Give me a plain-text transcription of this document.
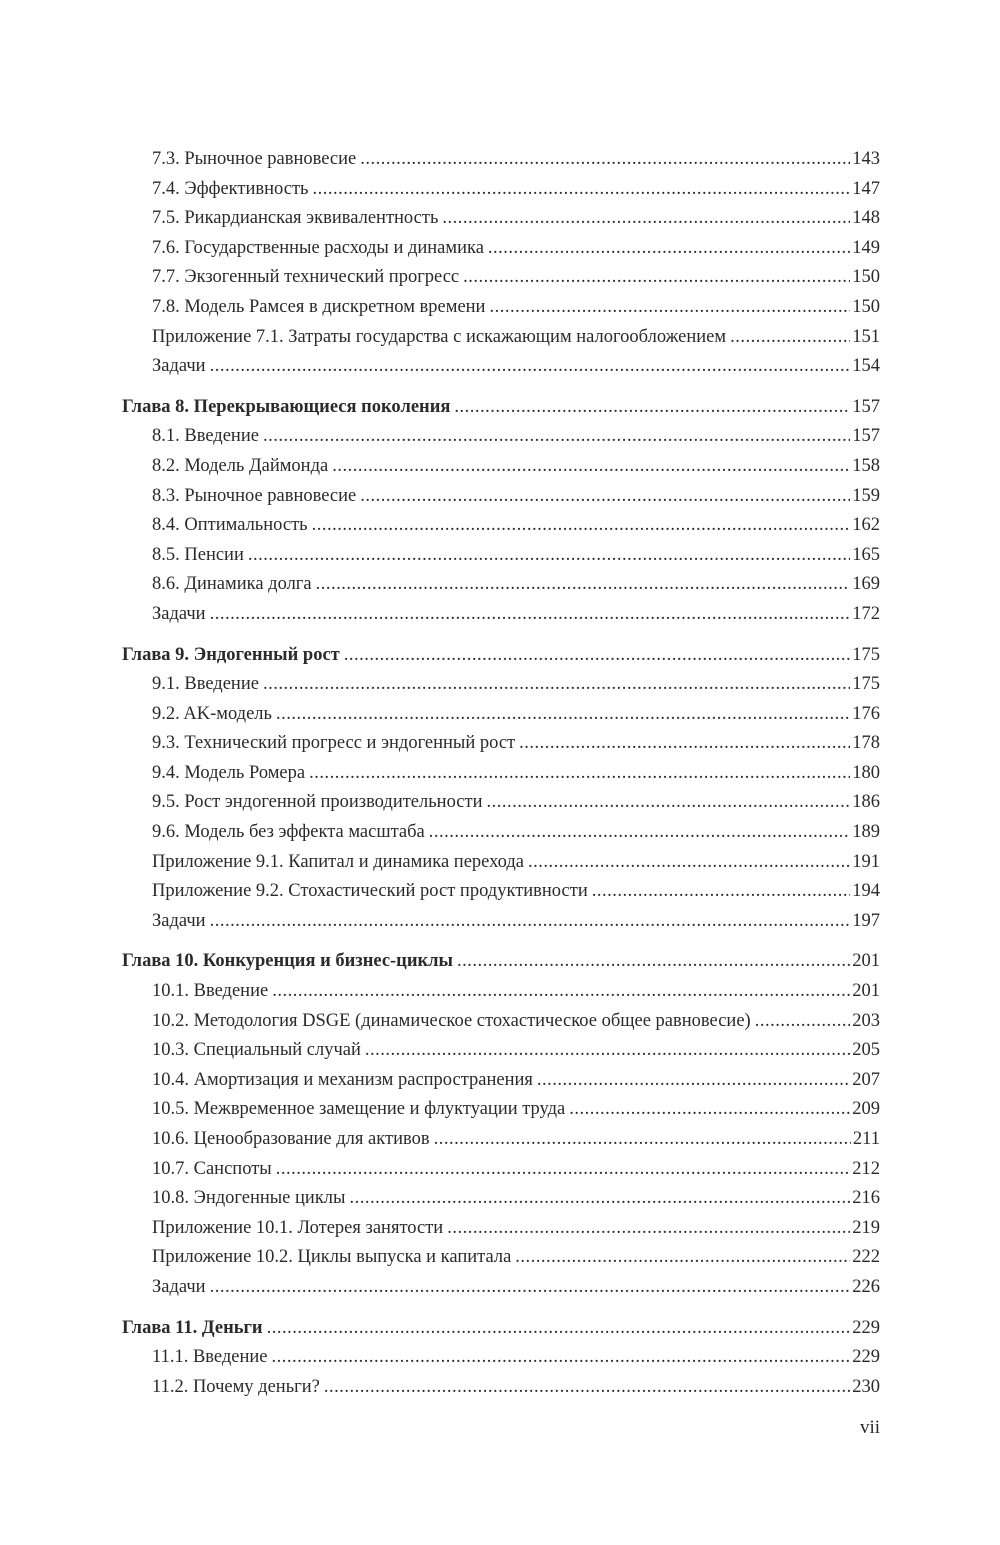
7.3. Рыночное равновесие .....	143
7.4. Эффективность .....	147
7.5. Рикардианская эквивалентность .....	148
7.6. Государственные расходы и динамика .....	149
7.7. Экзогенный технический прогресс .....	150
7.8. Модель Рамсея в дискретном времени .....	150
Приложение 7.1. Затраты государства с искажающим налогообложением .....	151
Задачи .....	154
Глава 8. Перекрывающиеся поколения .....	157
8.1. Введение .....	157
8.2. Модель Даймонда .....	158
8.3. Рыночное равновесие .....	159
8.4. Оптимальность .....	162
8.5. Пенсии .....	165
8.6. Динамика долга .....	169
Задачи .....	172
Глава 9. Эндогенный рост .....	175
9.1. Введение .....	175
9.2. AK-модель .....	176
9.3. Технический прогресс и эндогенный рост .....	178
9.4. Модель Ромера .....	180
9.5. Рост эндогенной производительности .....	186
9.6. Модель без эффекта масштаба .....	189
Приложение 9.1. Капитал и динамика перехода .....	191
Приложение 9.2. Стохастический рост продуктивности .....	194
Задачи .....	197
Глава 10. Конкуренция и бизнес-циклы .....	201
10.1. Введение .....	201
10.2. Методология DSGE (динамическое стохастическое общее равновесие) .....	203
10.3. Специальный случай .....	205
10.4. Амортизация и механизм распространения .....	207
10.5. Межвременное замещение и флуктуации труда .....	209
10.6. Ценообразование для активов .....	211
10.7. Санспоты .....	212
10.8. Эндогенные циклы .....	216
Приложение 10.1. Лотерея занятости .....	219
Приложение 10.2. Циклы выпуска и капитала .....	222
Задачи .....	226
Глава 11. Деньги .....	229
11.1. Введение .....	229
11.2. Почему деньги? .....	230
vii
